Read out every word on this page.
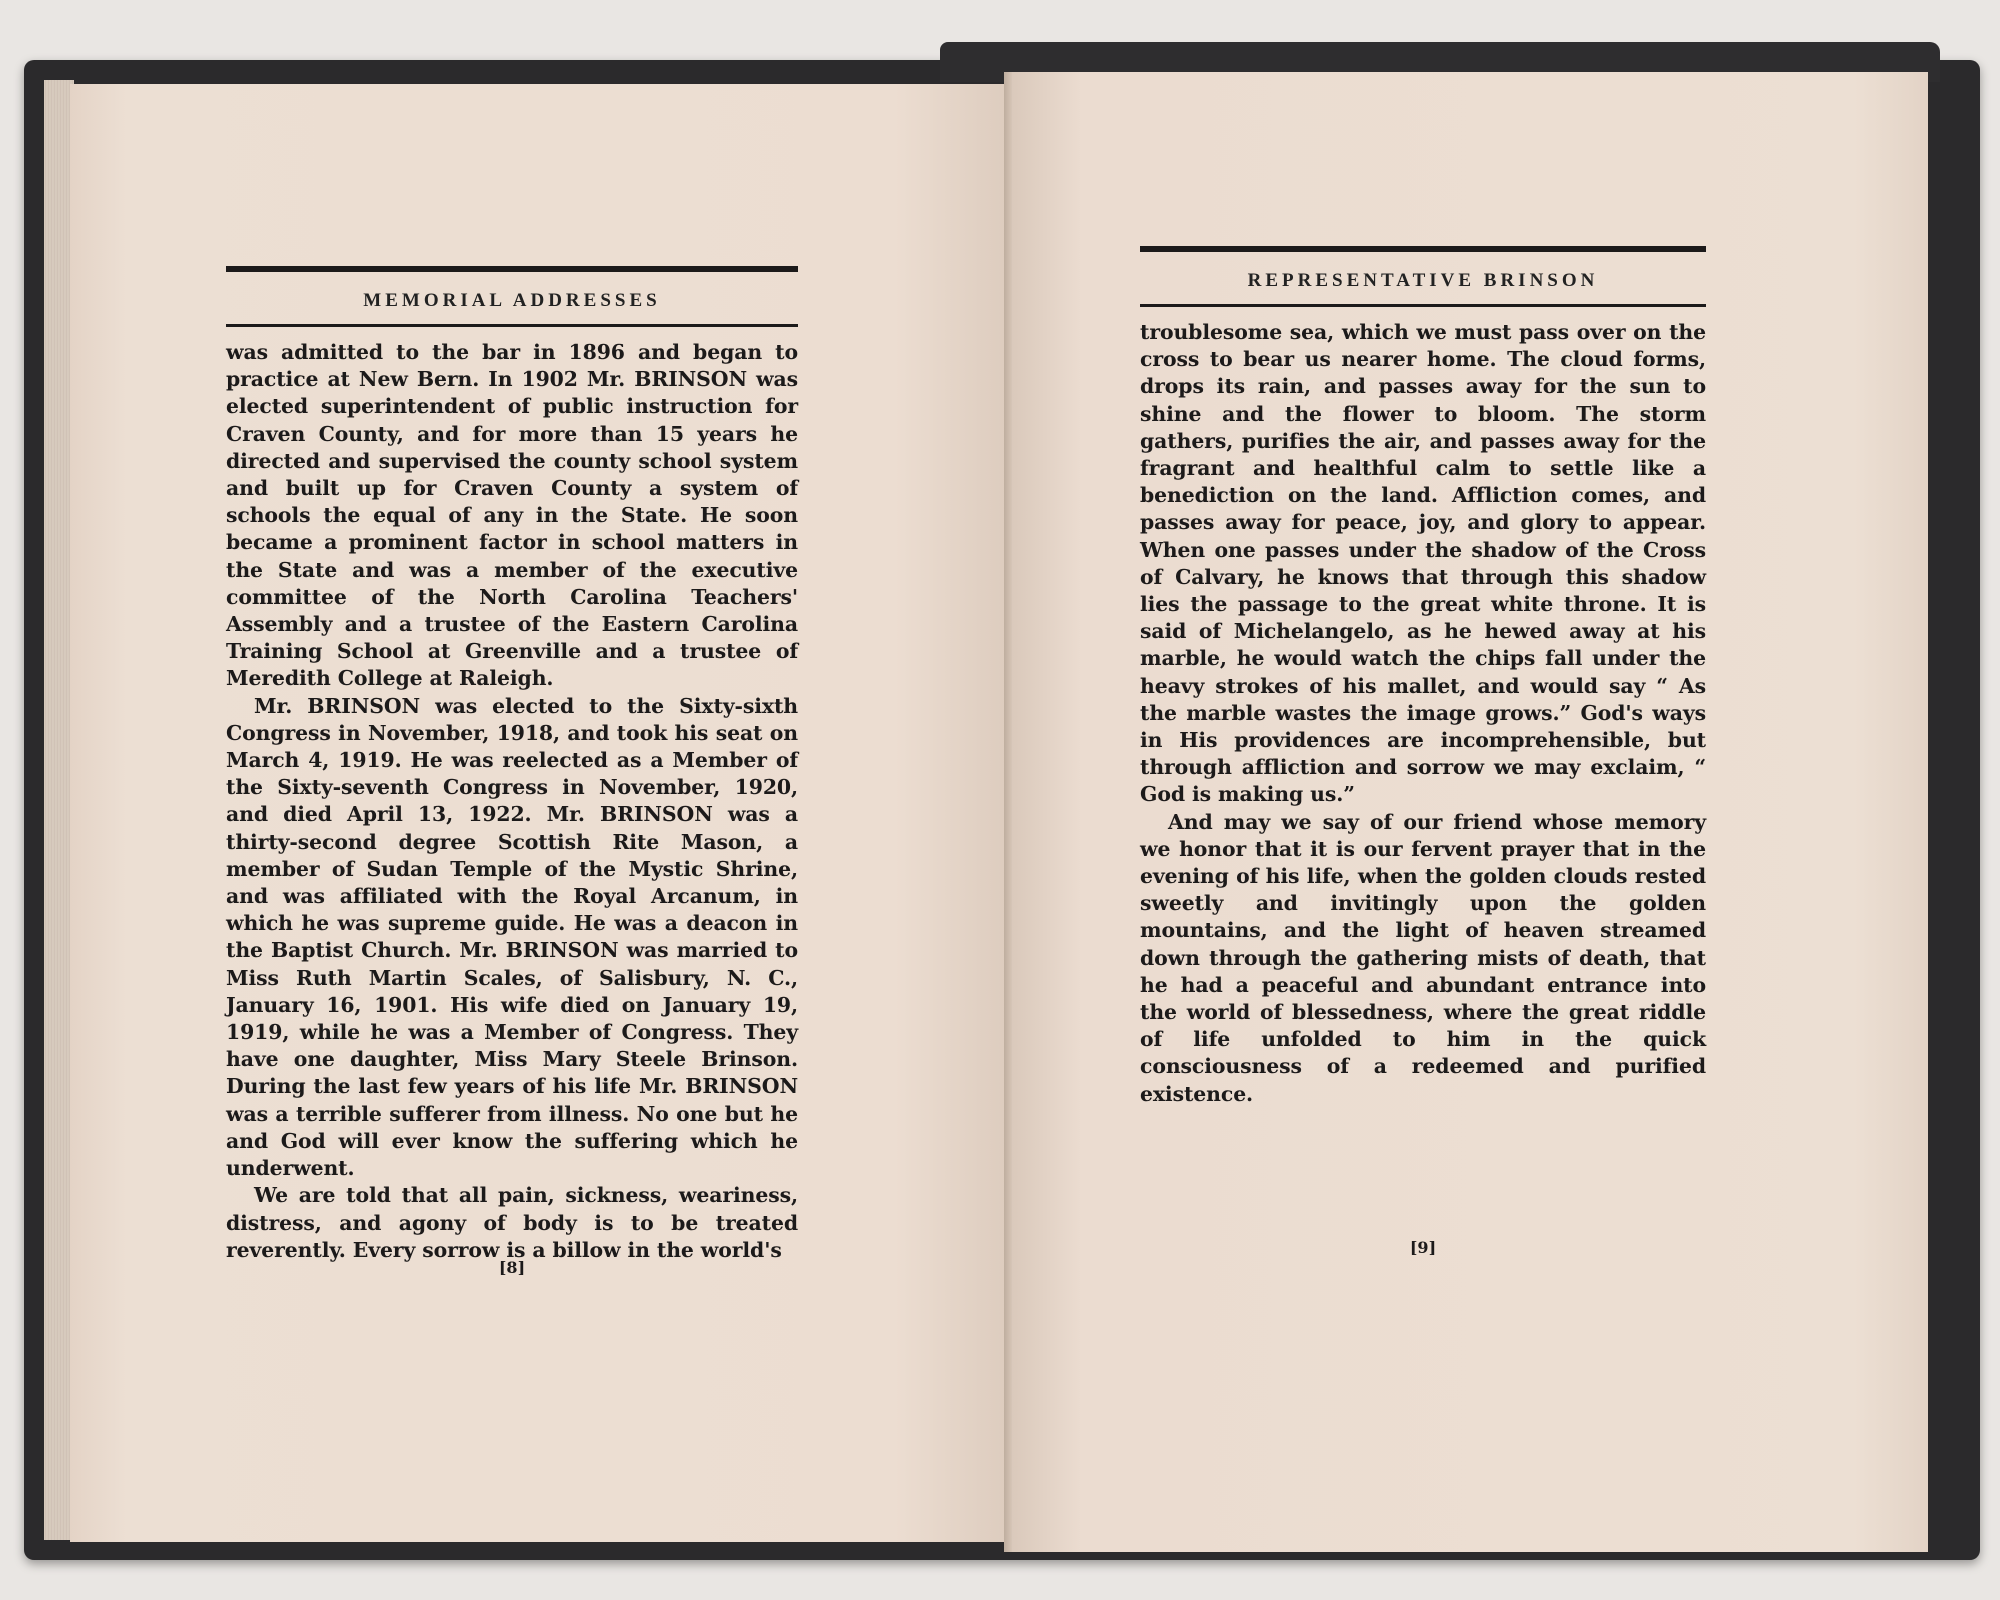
MEMORIAL ADDRESSES

was admitted to the bar in 1896 and began to practice at New Bern. In 1902 Mr. BRINSON was elected superintendent of public instruction for Craven County, and for more than 15 years he directed and supervised the county school system and built up for Craven County a system of schools the equal of any in the State. He soon became a prominent factor in school matters in the State and was a member of the executive committee of the North Carolina Teachers' Assembly and a trustee of the Eastern Carolina Training School at Greenville and a trustee of Meredith College at Raleigh.

Mr. BRINSON was elected to the Sixty-sixth Congress in November, 1918, and took his seat on March 4, 1919. He was reelected as a Member of the Sixty-seventh Congress in November, 1920, and died April 13, 1922. Mr. BRINSON was a thirty-second degree Scottish Rite Mason, a member of Sudan Temple of the Mystic Shrine, and was affiliated with the Royal Arcanum, in which he was supreme guide. He was a deacon in the Baptist Church. Mr. BRINSON was married to Miss Ruth Martin Scales, of Salisbury, N. C., January 16, 1901. His wife died on January 19, 1919, while he was a Member of Congress. They have one daughter, Miss Mary Steele Brinson. During the last few years of his life Mr. BRINSON was a terrible sufferer from illness. No one but he and God will ever know the suffering which he underwent.

We are told that all pain, sickness, weariness, distress, and agony of body is to be treated reverently. Every sorrow is a billow in the world's

[8]
REPRESENTATIVE BRINSON

troublesome sea, which we must pass over on the cross to bear us nearer home. The cloud forms, drops its rain, and passes away for the sun to shine and the flower to bloom. The storm gathers, purifies the air, and passes away for the fragrant and healthful calm to settle like a benediction on the land. Affliction comes, and passes away for peace, joy, and glory to appear. When one passes under the shadow of the Cross of Calvary, he knows that through this shadow lies the passage to the great white throne. It is said of Michelangelo, as he hewed away at his marble, he would watch the chips fall under the heavy strokes of his mallet, and would say “ As the marble wastes the image grows.” God's ways in His providences are incomprehensible, but through affliction and sorrow we may exclaim, “ God is making us.”

And may we say of our friend whose memory we honor that it is our fervent prayer that in the evening of his life, when the golden clouds rested sweetly and invitingly upon the golden mountains, and the light of heaven streamed down through the gathering mists of death, that he had a peaceful and abundant entrance into the world of blessedness, where the great riddle of life unfolded to him in the quick consciousness of a redeemed and purified existence.

[9]
